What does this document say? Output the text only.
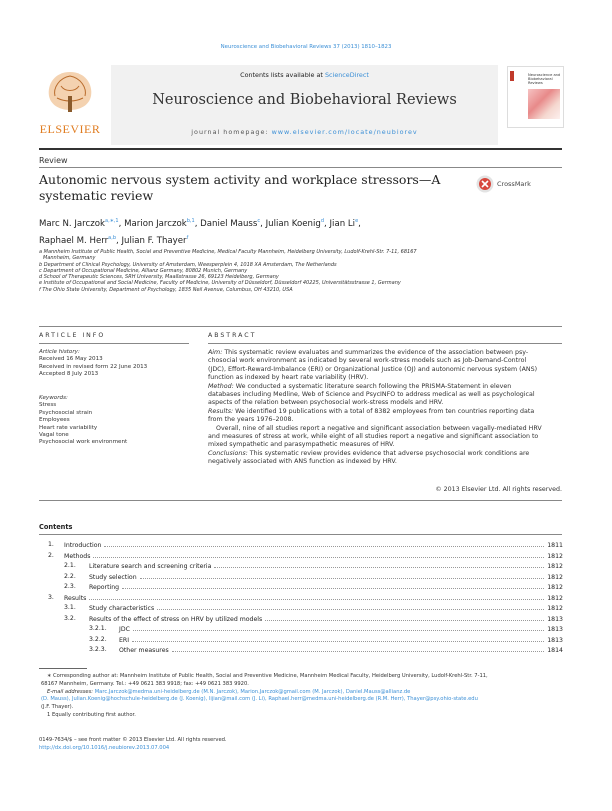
Neuroscience and Biobehavioral Reviews 37 (2013) 1810–1823
ELSEVIER
Contents lists available at ScienceDirect
Neuroscience and Biobehavioral Reviews
journal homepage: www.elsevier.com/locate/neubiorev
Neuroscience and Biobehavioral Reviews
Review
Autonomic nervous system activity and workplace stressors—A
systematic review
CrossMark
Marc N. Jarczok$^{a,∗,1}$, Marion Jarczok$^{b,1}$, Daniel Mauss$^c$, Julian Koenig$^d$, Jian Li$^e$,
Raphael M. Herr$^{a,b}$, Julian F. Thayer$^f$
a Mannheim Institute of Public Health, Social and Preventive Medicine, Medical Faculty Mannheim, Heidelberg University, Ludolf-Krehl-Str. 7-11, 68167
Mannheim, Germany
b Department of Clinical Psychology, University of Amsterdam, Weesperplein 4, 1018 XA Amsterdam, The Netherlands
c Department of Occupational Medicine, Allianz Germany, 80802 Munich, Germany
d School of Therapeutic Sciences, SRH University, Maaßstrasse 26, 69123 Heidelberg, Germany
e Institute of Occupational and Social Medicine, Faculty of Medicine, University of Düsseldorf, Düsseldorf 40225, Universitätsstrasse 1, Germany
f The Ohio State University, Department of Psychology, 1835 Neil Avenue, Columbus, OH 43210, USA
ARTICLE INFO
Article history:
Received 16 May 2013
Received in revised form 22 June 2013
Accepted 8 July 2013
Keywords:
Stress
Psychosocial strain
Employees
Heart rate variability
Vagal tone
Psychosocial work environment
ABSTRACT
Aim: This systematic review evaluates and summarizes the evidence of the association between psy-
chosocial work environment as indicated by several work-stress models such as Job-Demand-Control
(JDC), Effort-Reward-Imbalance (ERI) or Organizational Justice (OJ) and autonomic nervous system (ANS)
function as indexed by heart rate variability (HRV).
Method: We conducted a systematic literature search following the PRISMA-Statement in eleven
databases including Medline, Web of Science and PsycINFO to address medical as well as psychological
aspects of the relation between psychosocial work-stress models and HRV.
Results: We identified 19 publications with a total of 8382 employees from ten countries reporting data
from the years 1976–2008.
Overall, nine of all studies report a negative and significant association between vagally-mediated HRV
and measures of stress at work, while eight of all studies report a negative and significant association to
mixed sympathetic and parasympathetic measures of HRV.
Conclusions: This systematic review provides evidence that adverse psychosocial work conditions are
negatively associated with ANS function as indexed by HRV.
© 2013 Elsevier Ltd. All rights reserved.
Contents
1. Introduction	1811
2. Methods	1812
2.1. Literature search and screening criteria	1812
2.2. Study selection	1812
2.3. Reporting	1812
3. Results	1812
3.1. Study characteristics	1812
3.2. Results of the effect of stress on HRV by utilized models	1813
3.2.1. JDC	1813
3.2.2. ERI	1813
3.2.3. Other measures	1814
∗ Corresponding author at: Mannheim Institute of Public Health, Social and Preventive Medicine, Mannheim Medical Faculty, Heidelberg University, Ludolf-Krehl-Str. 7-11,
68167 Mannheim, Germany. Tel.: +49 0621 383 9918; fax: +49 0621 383 9920.
E-mail addresses: Marc.Jarczok@medma.uni-heidelberg.de (M.N. Jarczok), Marion.Jarczok@gmail.com (M. Jarczok), Daniel.Mauss@allianz.de
(D. Mauss), Julian.Koenig@hochschule-heidelberg.de (J. Koenig), lijian@mail.com (J. Li), Raphael.herr@medma.uni-heidelberg.de (R.M. Herr), Thayer@psy.ohio-state.edu
(J.F. Thayer).
1 Equally contributing first author.
0149-7634/$ – see front matter © 2013 Elsevier Ltd. All rights reserved.
http://dx.doi.org/10.1016/j.neubiorev.2013.07.004
